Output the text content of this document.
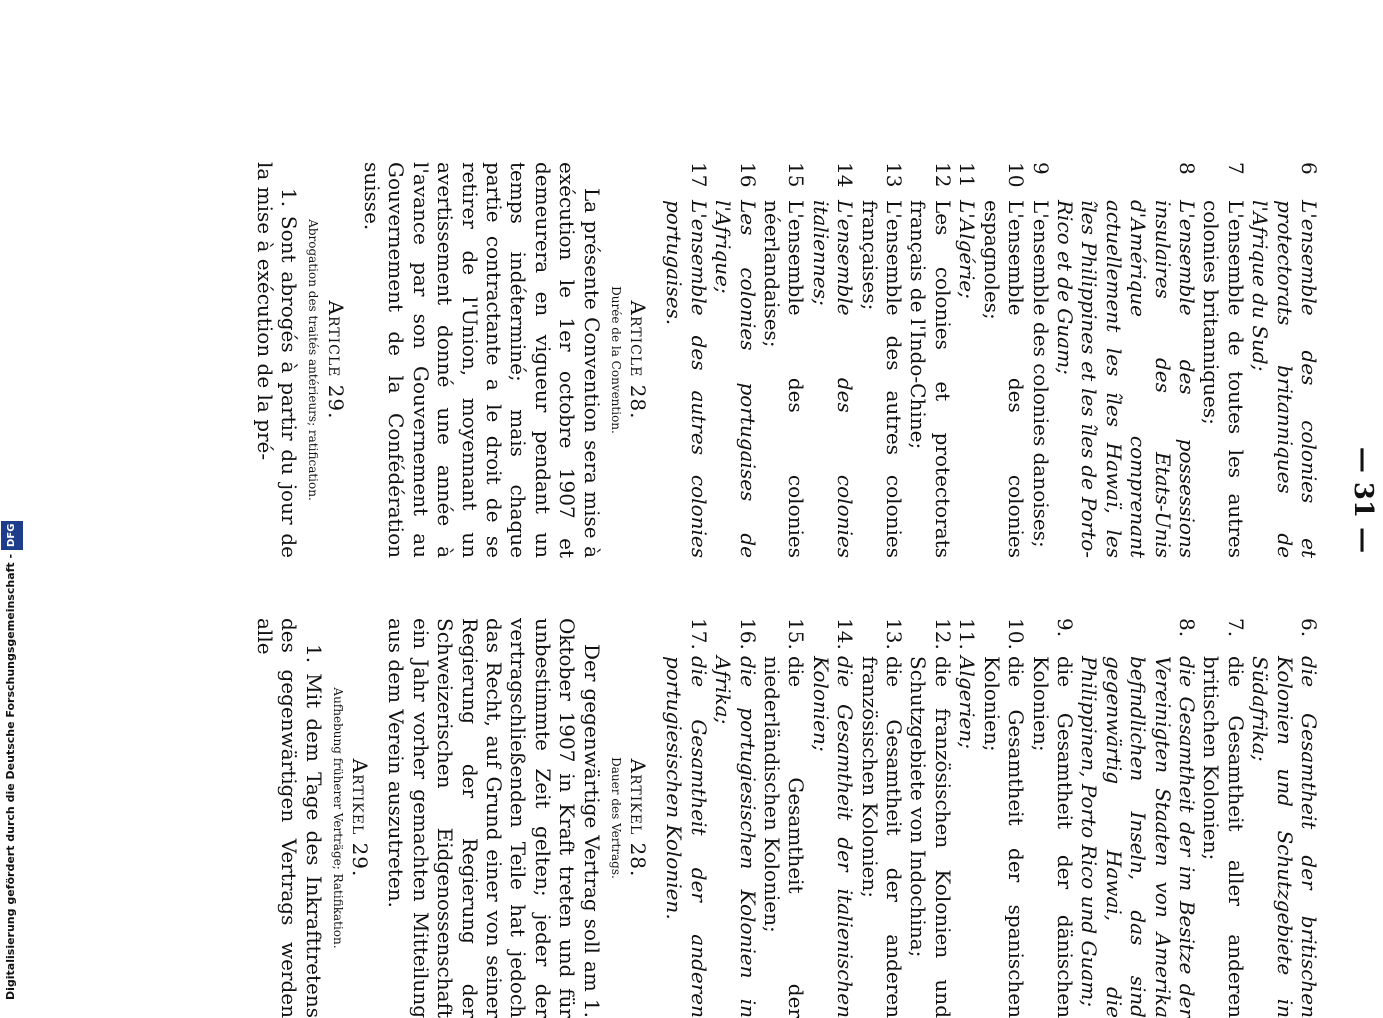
— 31 —
6
L'ensemble des colonies et protectorats britanniques de l'Afrique du Sud;
7
L'ensemble de toutes les autres colonies britanniques;
8
L'ensemble des possessions insulaires des Etats-Unis d'Amérique comprenant actuellement les îles Hawaï, les îles Philippines et les îles de Porto-Rico et de Guam;
9
L'ensemble des colonies danoises;
10
L'ensemble des colonies espagnoles;
11
L'Algérie;
12
Les colonies et protectorats français de l'Indo-Chine;
13
L'ensemble des autres colonies françaises;
14
L'ensemble des colonies italiennes;
15
L'ensemble des colonies néerlandaises;
16
Les colonies portugaises de l'Afrique;
17
L'ensemble des autres colonies portugaises.
Article 28.
Durée de la Convention.
La présente Convention sera mise à exécution le 1er octobre 1907 et demeurera en vigueur pendant un temps indéterminé; mais chaque partie contractante a le droit de se retirer de l'Union, moyennant un avertissement donné une année à l'avance par son Gouvernement au Gouvernement de la Confédération suisse.
Article 29.
Abrogation des traités antérieurs; ratification.
1. Sont abrogés à partir du jour de la mise à exécution de la pré-
6.
die Gesamtheit der britischen Kolonien und Schutzgebiete in Südafrika;
7.
die Gesamtheit aller anderen britischen Kolonien;
8.
die Gesamtheit der im Besitze der Vereinigten Staaten von Amerika befindlichen Inseln, das sind gegenwärtig Hawai, die Philippinen, Porto Rico und Guam;
9.
die Gesamtheit der dänischen Kolonien;
10.
die Gesamtheit der spanischen Kolonien;
11.
Algerien;
12.
die französischen Kolonien und Schutzgebiete von Indochina;
13.
die Gesamtheit der anderen französischen Kolonien;
14.
die Gesamtheit der italienischen Kolonien;
15.
die Gesamtheit der niederländischen Kolonien;
16.
die portugiesischen Kolonien in Afrika;
17.
die Gesamtheit der anderen portugiesischen Kolonien.
Artikel 28.
Dauer des Vertrags.
Der gegenwärtige Vertrag soll am 1. Oktober 1907 in Kraft treten und für unbestimmte Zeit gelten; jeder der vertragschließenden Teile hat jedoch das Recht, auf Grund einer von seiner Regierung der Regierung der Schweizerischen Eidgenossenschaft ein Jahr vorher gemachten Mitteilung aus dem Verein auszutreten.
Artikel 29.
Aufhebung früherer Verträge; Ratifikation.
1. Mit dem Tage des Inkrafttretens des gegenwärtigen Vertrags werden alle
Digitalisierung gefördert durch die Deutsche Forschungsgemeinschaft -DFG
